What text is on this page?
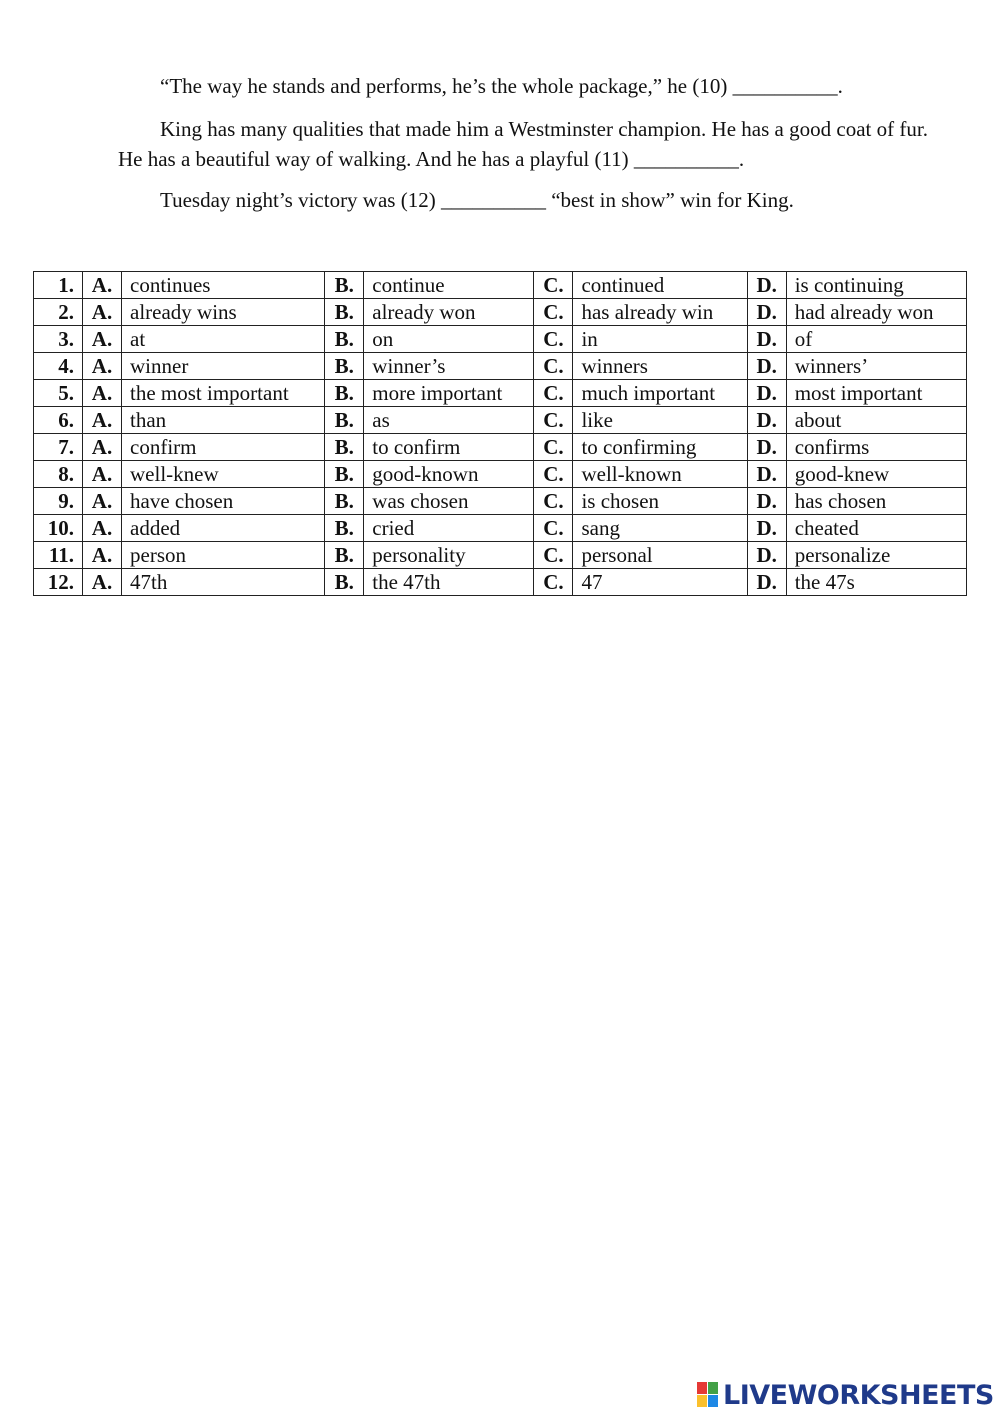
“The way he stands and performs, he’s the whole package,” he (10) __________.

King has many qualities that made him a Westminster champion. He has a good coat of fur. He has a beautiful way of walking. And he has a playful (11) __________.

Tuesday night’s victory was (12) __________ “best in show” win for King.

1.	A.	continues	B.	continue	C.	continued	D.	is continuing
2.	A.	already wins	B.	already won	C.	has already win	D.	had already won
3.	A.	at	B.	on	C.	in	D.	of
4.	A.	winner	B.	winner’s	C.	winners	D.	winners’
5.	A.	the most important	B.	more important	C.	much important	D.	most important
6.	A.	than	B.	as	C.	like	D.	about
7.	A.	confirm	B.	to confirm	C.	to confirming	D.	confirms
8.	A.	well-knew	B.	good-known	C.	well-known	D.	good-knew
9.	A.	have chosen	B.	was chosen	C.	is chosen	D.	has chosen
10.	A.	added	B.	cried	C.	sang	D.	cheated
11.	A.	person	B.	personality	C.	personal	D.	personalize
12.	A.	47th	B.	the 47th	C.	47	D.	the 47s
LIVEWORKSHEETS
